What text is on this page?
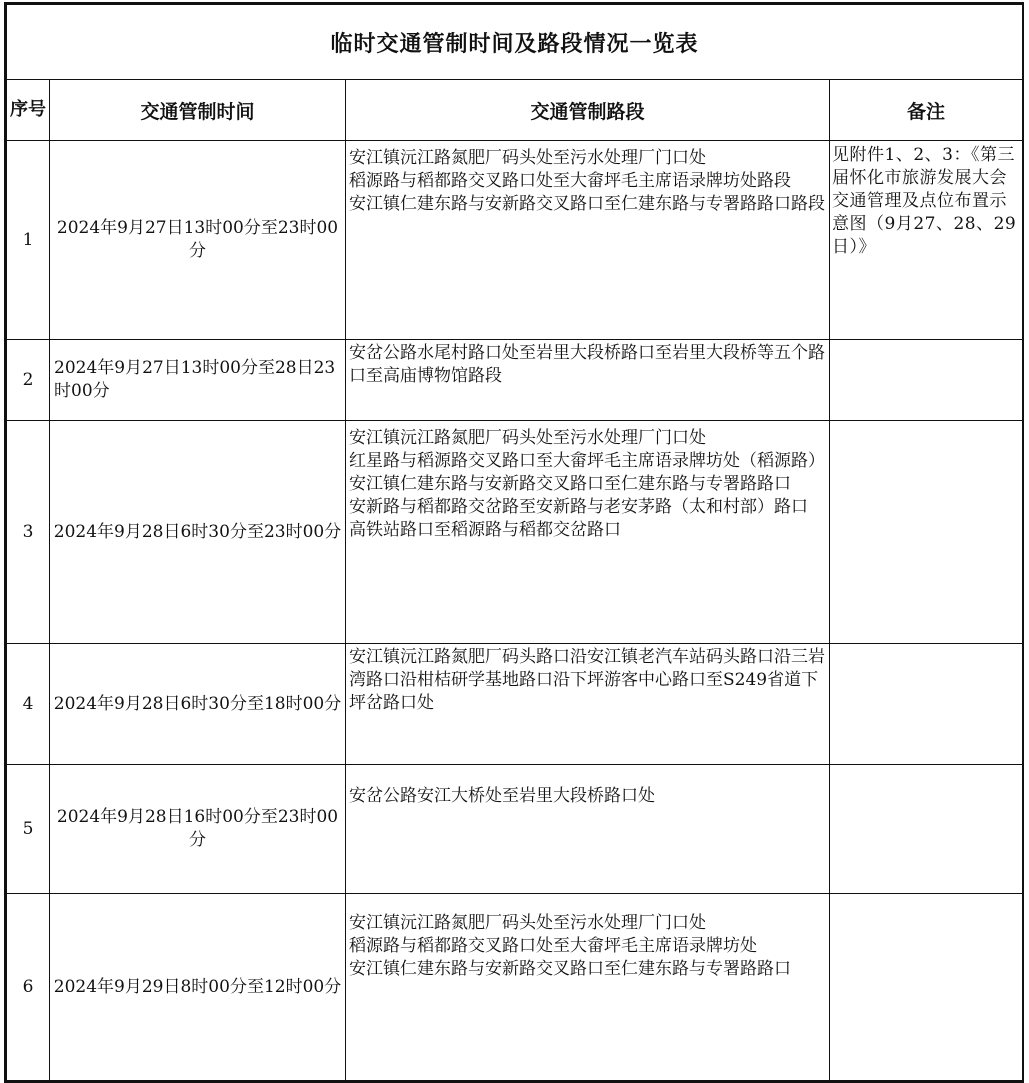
临时交通管制时间及路段情况一览表			
序号	交通管制时间	交通管制路段	备注
1	2024年9月27日13时00分至23时00分	安江镇沅江路氮肥厂码头处至污水处理厂门口处
稻源路与稻都路交叉路口处至大畲坪毛主席语录牌坊处路段
安江镇仁建东路与安新路交叉路口至仁建东路与专署路路口路段	见附件1、2、3：《第三届怀化市旅游发展大会交通管理及点位布置示意图（9月27、28、29日）》
2	2024年9月27日13时00分至28日23时00分	安岔公路水尾村路口处至岩里大段桥路口至岩里大段桥等五个路口至高庙博物馆路段	

3	2024年9月28日6时30分至23时00分	安江镇沅江路氮肥厂码头处至污水处理厂门口处
红星路与稻源路交叉路口至大畲坪毛主席语录牌坊处（稻源路）
安江镇仁建东路与安新路交叉路口至仁建东路与专署路路口
安新路与稻都路交岔路至安新路与老安茅路（太和村部）路口
高铁站路口至稻源路与稻都交岔路口	

4	2024年9月28日6时30分至18时00分	安江镇沅江路氮肥厂码头路口沿安江镇老汽车站码头路口沿三岩湾路口沿柑桔研学基地路口沿下坪游客中心路口至S249省道下坪岔路口处	

5	2024年9月28日16时00分至23时00分	安岔公路安江大桥处至岩里大段桥路口处	

6	2024年9月29日8时00分至12时00分	安江镇沅江路氮肥厂码头处至污水处理厂门口处
稻源路与稻都路交叉路口处至大畲坪毛主席语录牌坊处
安江镇仁建东路与安新路交叉路口至仁建东路与专署路路口	
